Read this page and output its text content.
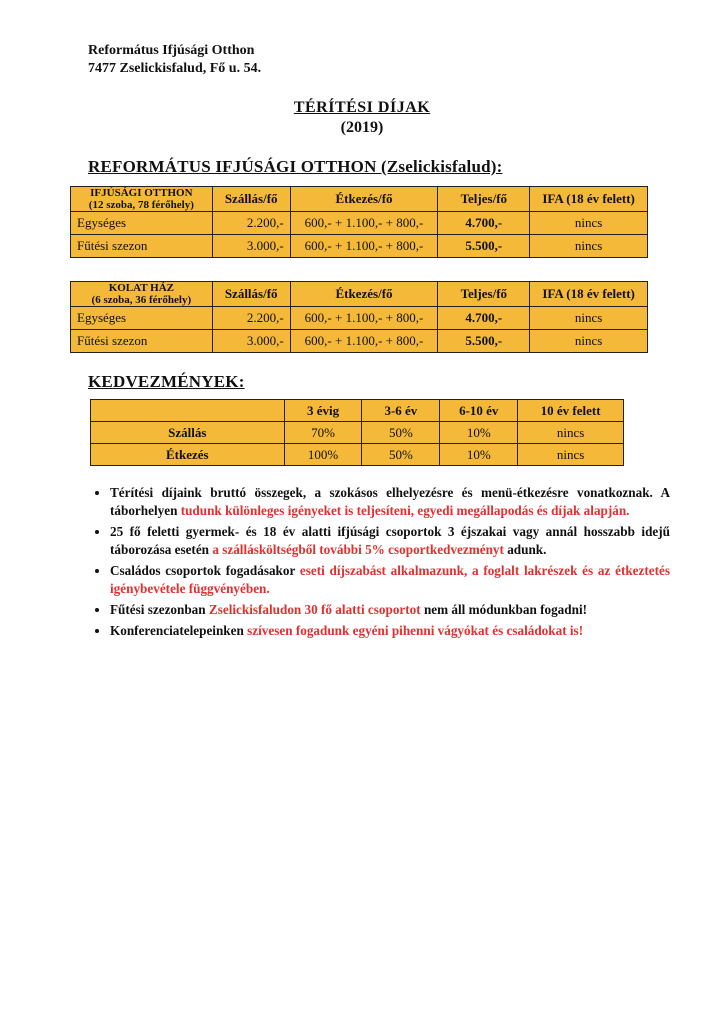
Református Ifjúsági Otthon
7477 Zselickisfalud, Fő u. 54.
TÉRÍTÉSI DÍJAK
(2019)
REFORMÁTUS IFJÚSÁGI OTTHON (Zselickisfalud):
IFJÚSÁGI OTTHON
(12 szoba, 78 férőhely)	Szállás/fő	Étkezés/fő	Teljes/fő	IFA (18 év felett)
Egységes	2.200,-	600,- + 1.100,- + 800,-	4.700,-	nincs
Fűtési szezon	3.000,-	600,- + 1.100,- + 800,-	5.500,-	nincs
KOLAT HÁZ
(6 szoba, 36 férőhely)	Szállás/fő	Étkezés/fő	Teljes/fő	IFA (18 év felett)
Egységes	2.200,-	600,- + 1.100,- + 800,-	4.700,-	nincs
Fűtési szezon	3.000,-	600,- + 1.100,- + 800,-	5.500,-	nincs
KEDVEZMÉNYEK:
	3 évig	3-6 év	6-10 év	10 év felett
Szállás	70%	50%	10%	nincs
Étkezés	100%	50%	10%	nincs
• Térítési díjaink bruttó összegek, a szokásos elhelyezésre és menü-étkezésre vonatkoznak. A táborhelyen tudunk különleges igényeket is teljesíteni, egyedi megállapodás és díjak alapján.
• 25 fő feletti gyermek- és 18 év alatti ifjúsági csoportok 3 éjszakai vagy annál hosszabb idejű táborozása esetén a szállásköltségből további 5% csoportkedvezményt adunk.
• Családos csoportok fogadásakor eseti díjszabást alkalmazunk, a foglalt lakrészek és az étkeztetés igénybevétele függvényében.
• Fűtési szezonban Zselickisfaludon 30 fő alatti csoportot nem áll módunkban fogadni!
• Konferenciatelepeinken szívesen fogadunk egyéni pihenni vágyókat és családokat is!
